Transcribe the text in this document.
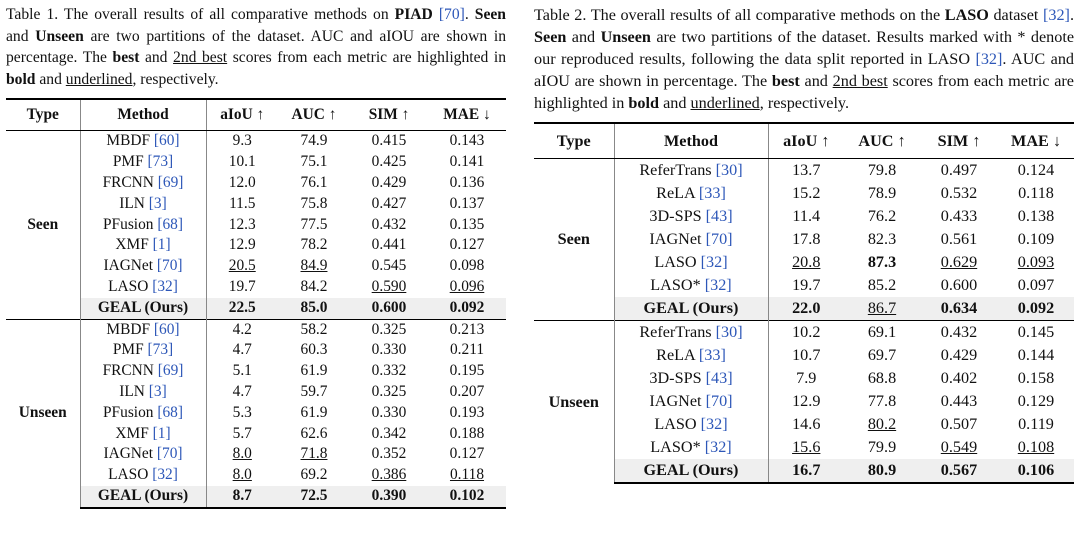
Table 1. The overall results of all comparative methods on PIAD [70]. Seen and Unseen are two partitions of the dataset. AUC and aIOU are shown in percentage. The best and 2nd best scores from each metric are highlighted in bold and underlined, respectively.

Type	Method	aIoU ↑	AUC ↑	SIM ↑	MAE ↓
Seen	MBDF [60]	9.3	74.9	0.415	0.143
	PMF [73]	10.1	75.1	0.425	0.141
	FRCNN [69]	12.0	76.1	0.429	0.136
	ILN [3]	11.5	75.8	0.427	0.137
	PFusion [68]	12.3	77.5	0.432	0.135
	XMF [1]	12.9	78.2	0.441	0.127
	IAGNet [70]	20.5	84.9	0.545	0.098
	LASO [32]	19.7	84.2	0.590	0.096
	GEAL (Ours)	22.5	85.0	0.600	0.092
Unseen	MBDF [60]	4.2	58.2	0.325	0.213
	PMF [73]	4.7	60.3	0.330	0.211
	FRCNN [69]	5.1	61.9	0.332	0.195
	ILN [3]	4.7	59.7	0.325	0.207
	PFusion [68]	5.3	61.9	0.330	0.193
	XMF [1]	5.7	62.6	0.342	0.188
	IAGNet [70]	8.0	71.8	0.352	0.127
	LASO [32]	8.0	69.2	0.386	0.118
	GEAL (Ours)	8.7	72.5	0.390	0.102

Table 2. The overall results of all comparative methods on the LASO dataset [32]. Seen and Unseen are two partitions of the dataset. Results marked with * denote our reproduced results, following the data split reported in LASO [32]. AUC and aIOU are shown in percentage. The best and 2nd best scores from each metric are highlighted in bold and underlined, respectively.

Type	Method	aIoU ↑	AUC ↑	SIM ↑	MAE ↓
Seen	ReferTrans [30]	13.7	79.8	0.497	0.124
	ReLA [33]	15.2	78.9	0.532	0.118
	3D-SPS [43]	11.4	76.2	0.433	0.138
	IAGNet [70]	17.8	82.3	0.561	0.109
	LASO [32]	20.8	87.3	0.629	0.093
	LASO* [32]	19.7	85.2	0.600	0.097
	GEAL (Ours)	22.0	86.7	0.634	0.092
Unseen	ReferTrans [30]	10.2	69.1	0.432	0.145
	ReLA [33]	10.7	69.7	0.429	0.144
	3D-SPS [43]	7.9	68.8	0.402	0.158
	IAGNet [70]	12.9	77.8	0.443	0.129
	LASO [32]	14.6	80.2	0.507	0.119
	LASO* [32]	15.6	79.9	0.549	0.108
	GEAL (Ours)	16.7	80.9	0.567	0.106
